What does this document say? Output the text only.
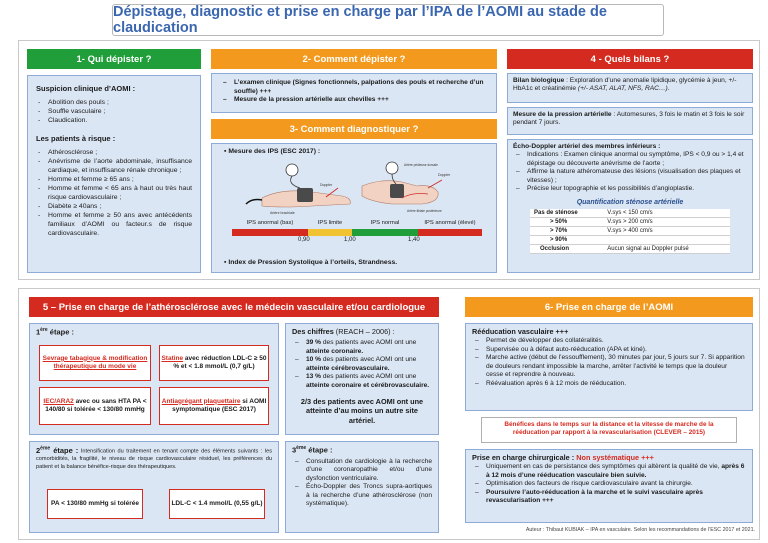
Dépistage, diagnostic et prise en charge par l’IPA de l’AOMI au stade de claudication
1- Qui dépister ?
Suspicion clinique d’AOMI :
- Abolition des pouls ;
- Souffle vasculaire ;
- Claudication.
Les patients à risque :
- Athérosclérose ;
- Anévrisme de l’aorte abdominale, insuffisance cardiaque, et insuffisance rénale chronique ;
- Homme et femme ≥ 65 ans ;
- Homme et femme < 65 ans à haut ou très haut risque cardiovasculaire ;
- Diabète ≥ 40ans ;
- Homme et femme ≥ 50 ans avec antécédents familiaux d’AOMI ou facteur.s de risque cardiovasculaire.
2- Comment dépister ?
– L’examen clinique (Signes fonctionnels, palpations des pouls et recherche d’un souffle) +++
– Mesure de la pression artérielle aux chevilles +++
3- Comment diagnostiquer ?
▪ Mesure des IPS (ESC 2017) :
Doppler
Artère brachiale
Artère pédieuse dorsale
Doppler
Artère tibiale postérieure
IPS anormal (bas)	IPS limite	IPS normal	IPS anormal (élevé)
0,90	1,00	1,40
▪ Index de Pression Systolique à l’orteils, Strandness.
4 - Quels bilans ?
Bilan biologique : Exploration d’une anomalie lipidique, glycémie à jeun, +/- HbA1c et créatinémie (+/- ASAT, ALAT, NFS, RAC…).
Mesure de la pression artérielle : Automesures, 3 fois le matin et 3 fois le soir pendant 7 jours.
Écho-Doppler artériel des membres inférieurs :
– Indications : Examen clinique anormal ou symptôme, IPS < 0,9 ou > 1,4 et dépistage ou découverte anévrisme de l’aorte ;
– Affirme la nature athéromateuse des lésions (visualisation des plaques et vitesses) ;
– Précise leur topographie et les possibilités d’angioplastie.
Quantification sténose artérielle
Pas de sténose	V.sys < 150 cm/s
> 50%	V.sys > 200 cm/s
> 70%	V.sys > 400 cm/s
> 90%	
Occlusion	Aucun signal au Doppler pulsé
5 – Prise en charge de l’athérosclérose avec le médecin vasculaire et/ou cardiologue
1ère étape :
Sevrage tabagique & modification thérapeutique du mode vie
Statine avec réduction LDL-C ≥ 50 % et < 1.8 mmol/L (0,7 g/L)
IEC/ARA2 avec ou sans HTA PA < 140/80 si tolérée < 130/80 mmHg
Antiagrégant plaquettaire si AOMI symptomatique (ESC 2017)
2ème étape : Intensification du traitement en tenant compte des éléments suivants : les comorbidités, la fragilité, le niveau de risque cardiovasculaire résiduel, les préférences du patient et la balance bénéfice-risque des thérapeutiques.
PA < 130/80 mmHg si tolérée	LDL-C < 1.4 mmol/L (0,55 g/L)
Des chiffres (REACH – 2006) :
– 39 % des patients avec AOMI ont une atteinte coronaire.
– 10 % des patients avec AOMI ont une atteinte cérébrovasculaire.
– 13 % des patients avec AOMI ont une atteinte coronaire et cérébrovasculaire.
2/3 des patients avec AOMI ont une atteinte d’au moins un autre site artériel.
3ème étape :
– Consultation de cardiologie à la recherche d’une coronaropathie et/ou d’une dysfonction ventriculaire.
– Écho-Doppler des Troncs supra-aortiques à la recherche d’une athérosclérose (non systématique).
6- Prise en charge de l’AOMI
Rééducation vasculaire +++
– Permet de développer des collatéralités.
– Supervisée ou à défaut auto-rééducation (APA et kiné).
– Marche active (début de l’essoufflement), 30 minutes par jour, 5 jours sur 7. Si apparition de douleurs rendant impossible la marche, arrêter l’activité le temps que la douleur cesse et reprendre à nouveau.
– Réévaluation après 6 à 12 mois de rééducation.
Bénéfices dans le temps sur la distance et la vitesse de marche de la rééducation par rapport à la revascularisation (CLEVER – 2015)
Prise en charge chirurgicale : Non systématique +++
– Uniquement en cas de persistance des symptômes qui altèrent la qualité de vie, après 6 à 12 mois d’une rééducation vasculaire bien suivie.
– Optimisation des facteurs de risque cardiovasculaire avant la chirurgie.
– Poursuivre l’auto-rééducation à la marche et le suivi vasculaire après revascularisation +++
Auteur : Thibaut KUBIAK – IPA en vasculaire. Selon les recommandations de l’ESC 2017 et 2021.
